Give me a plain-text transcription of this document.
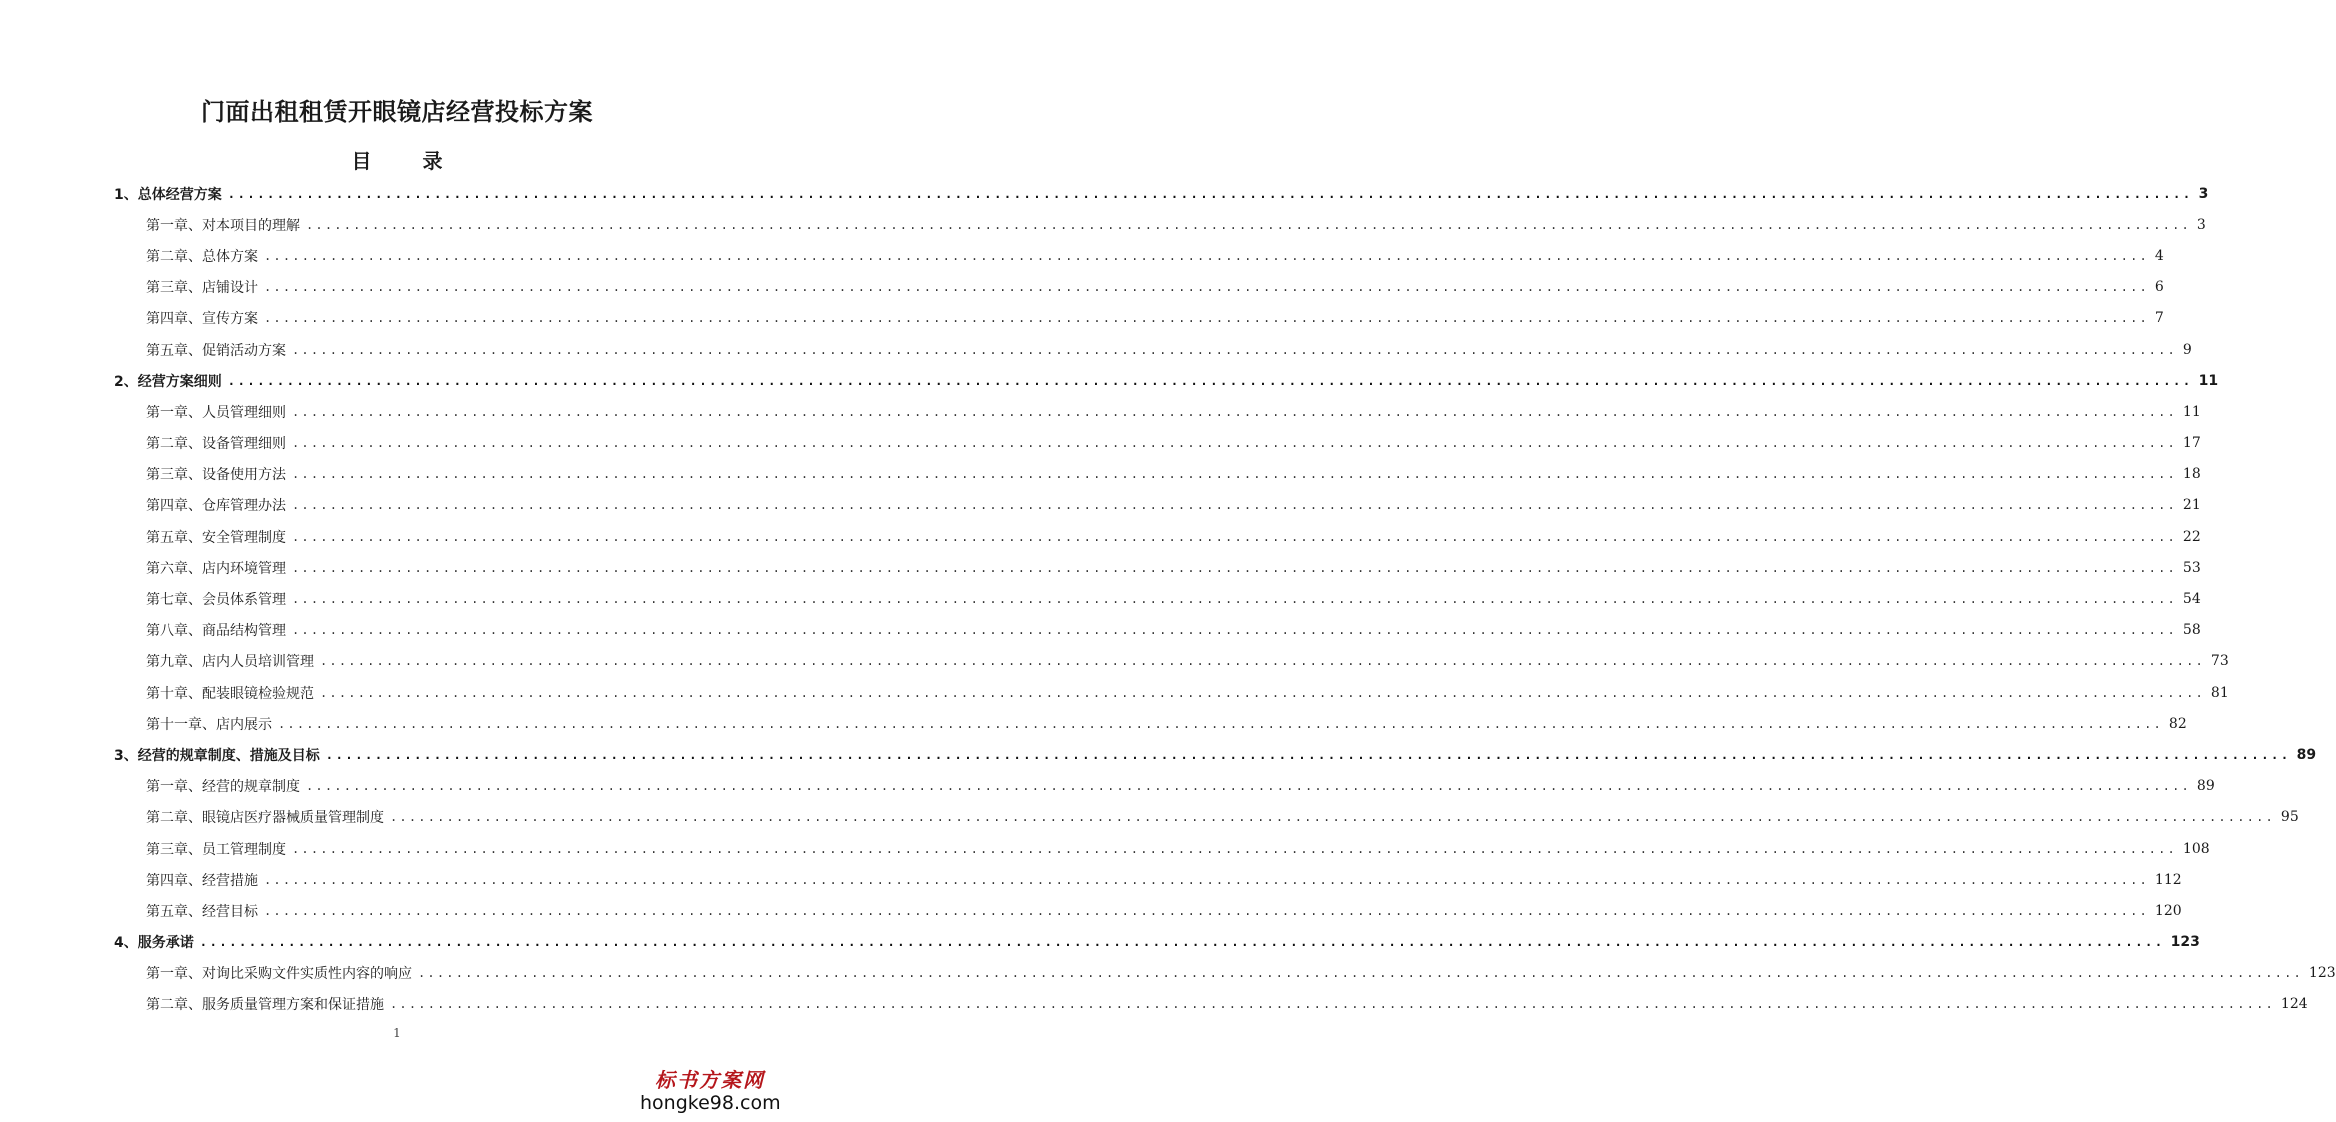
门面出租租赁开眼镜店经营投标方案
目 录
1、总体经营方案 ........................................................................................................................................................................................................ 3
第一章、对本项目的理解 ........................................................................................................................................................................................................ 3
第二章、总体方案 ........................................................................................................................................................................................................ 4
第三章、店铺设计 ........................................................................................................................................................................................................ 6
第四章、宣传方案 ........................................................................................................................................................................................................ 7
第五章、促销活动方案 ........................................................................................................................................................................................................ 9
2、经营方案细则 ........................................................................................................................................................................................................ 11
第一章、人员管理细则 ........................................................................................................................................................................................................ 11
第二章、设备管理细则 ........................................................................................................................................................................................................ 17
第三章、设备使用方法 ........................................................................................................................................................................................................ 18
第四章、仓库管理办法 ........................................................................................................................................................................................................ 21
第五章、安全管理制度 ........................................................................................................................................................................................................ 22
第六章、店内环境管理 ........................................................................................................................................................................................................ 53
第七章、会员体系管理 ........................................................................................................................................................................................................ 54
第八章、商品结构管理 ........................................................................................................................................................................................................ 58
第九章、店内人员培训管理 ........................................................................................................................................................................................................ 73
第十章、配装眼镜检验规范 ........................................................................................................................................................................................................ 81
第十一章、店内展示 ........................................................................................................................................................................................................ 82
3、经营的规章制度、措施及目标 ........................................................................................................................................................................................................ 89
第一章、经营的规章制度 ........................................................................................................................................................................................................ 89
第二章、眼镜店医疗器械质量管理制度 ........................................................................................................................................................................................................ 95
第三章、员工管理制度 ........................................................................................................................................................................................................ 108
第四章、经营措施 ........................................................................................................................................................................................................ 112
第五章、经营目标 ........................................................................................................................................................................................................ 120
4、服务承诺 ........................................................................................................................................................................................................ 123
第一章、对询比采购文件实质性内容的响应 ........................................................................................................................................................................................................ 123
第二章、服务质量管理方案和保证措施 ........................................................................................................................................................................................................ 124
1
标书方案网
hongke98.com
